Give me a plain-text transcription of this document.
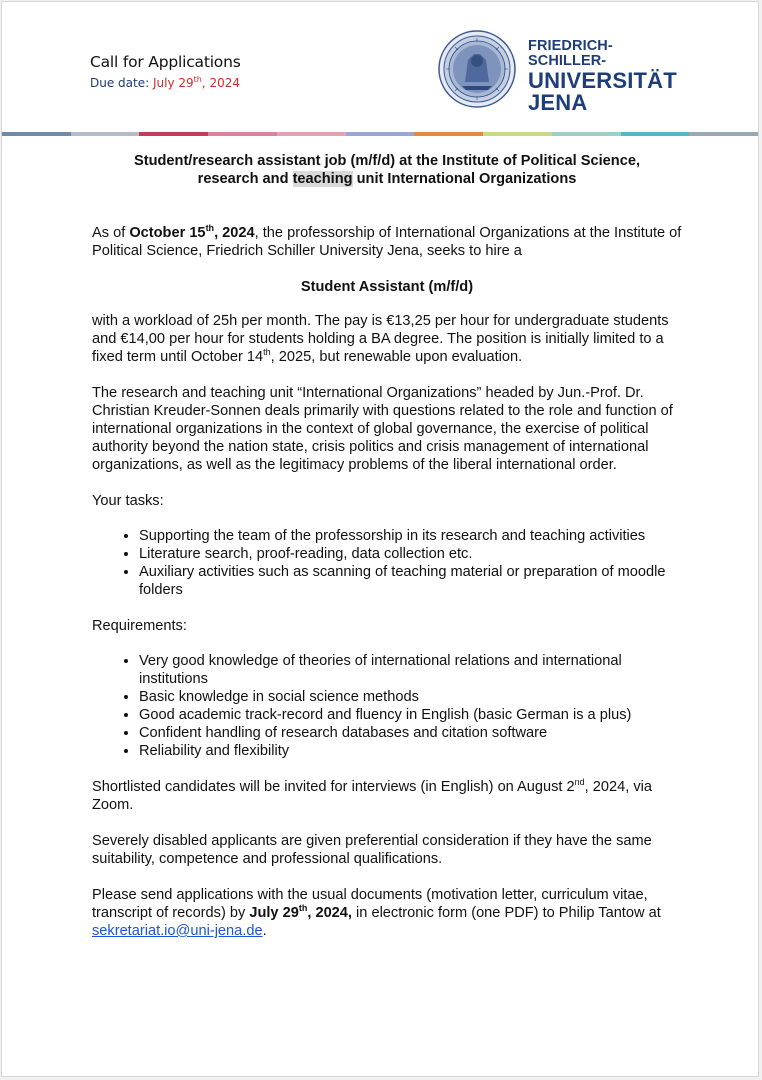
Call for Applications
Due date: July 29th, 2024
FRIEDRICH-SCHILLER-
UNIVERSITÄT
JENA

Student/research assistant job (m/f/d) at the Institute of Political Science,
research and teaching unit International Organizations

As of October 15th, 2024, the professorship of International Organizations at the Institute of Political Science, Friedrich Schiller University Jena, seeks to hire a

Student Assistant (m/f/d)

with a workload of 25h per month. The pay is €13,25 per hour for undergraduate students and €14,00 per hour for students holding a BA degree. The position is initially limited to a fixed term until October 14th, 2025, but renewable upon evaluation.

The research and teaching unit “International Organizations” headed by Jun.-Prof. Dr. Christian Kreuder-Sonnen deals primarily with questions related to the role and function of international organizations in the context of global governance, the exercise of political authority beyond the nation state, crisis politics and crisis management of international organizations, as well as the legitimacy problems of the liberal international order.

Your tasks:

• Supporting the team of the professorship in its research and teaching activities
• Literature search, proof-reading, data collection etc.
• Auxiliary activities such as scanning of teaching material or preparation of moodle folders

Requirements:

• Very good knowledge of theories of international relations and international institutions
• Basic knowledge in social science methods
• Good academic track-record and fluency in English (basic German is a plus)
• Confident handling of research databases and citation software
• Reliability and flexibility

Shortlisted candidates will be invited for interviews (in English) on August 2nd, 2024, via Zoom.

Severely disabled applicants are given preferential consideration if they have the same suitability, competence and professional qualifications.

Please send applications with the usual documents (motivation letter, curriculum vitae, transcript of records) by July 29th, 2024, in electronic form (one PDF) to Philip Tantow at sekretariat.io@uni-jena.de.
